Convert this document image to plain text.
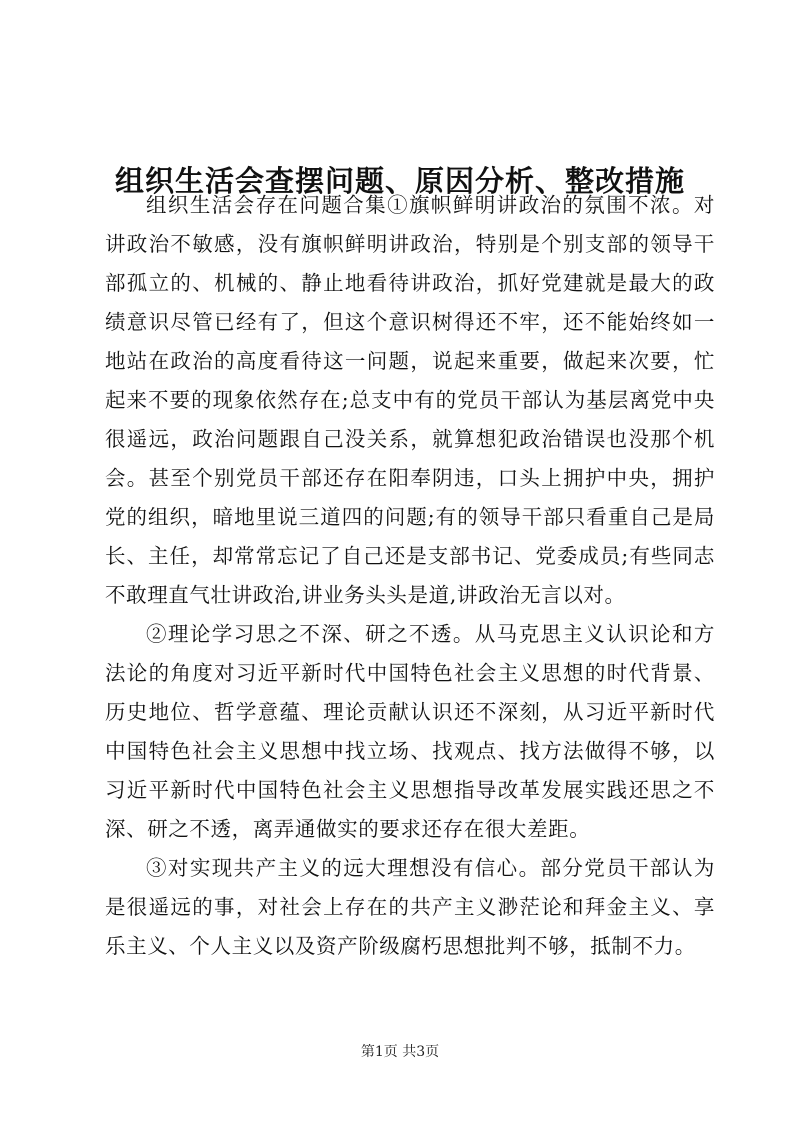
组织生活会查摆问题、原因分析、整改措施

组织生活会存在问题合集①旗帜鲜明讲政治的氛围不浓。对讲政治不敏感，没有旗帜鲜明讲政治，特别是个别支部的领导干部孤立的、机械的、静止地看待讲政治，抓好党建就是最大的政绩意识尽管已经有了，但这个意识树得还不牢，还不能始终如一地站在政治的高度看待这一问题，说起来重要，做起来次要，忙起来不要的现象依然存在;总支中有的党员干部认为基层离党中央很遥远，政治问题跟自己没关系，就算想犯政治错误也没那个机会。甚至个别党员干部还存在阳奉阴违，口头上拥护中央，拥护党的组织，暗地里说三道四的问题;有的领导干部只看重自己是局长、主任，却常常忘记了自己还是支部书记、党委成员;有些同志不敢理直气壮讲政治,讲业务头头是道,讲政治无言以对。

②理论学习思之不深、研之不透。从马克思主义认识论和方法论的角度对习近平新时代中国特色社会主义思想的时代背景、历史地位、哲学意蕴、理论贡献认识还不深刻，从习近平新时代中国特色社会主义思想中找立场、找观点、找方法做得不够，以习近平新时代中国特色社会主义思想指导改革发展实践还思之不深、研之不透，离弄通做实的要求还存在很大差距。

③对实现共产主义的远大理想没有信心。部分党员干部认为是很遥远的事，对社会上存在的共产主义渺茫论和拜金主义、享乐主义、个人主义以及资产阶级腐朽思想批判不够，抵制不力。

第1页 共3页
